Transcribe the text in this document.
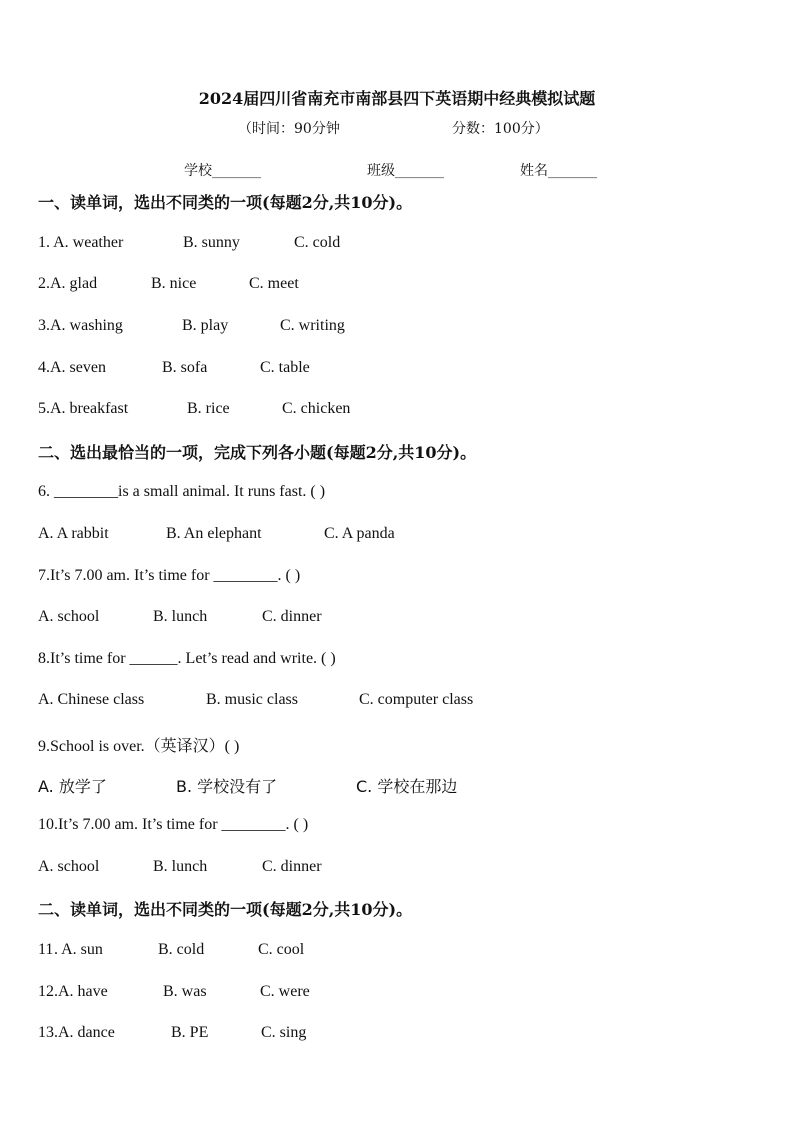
2024届四川省南充市南部县四下英语期中经典模拟试题
（时间：90分钟	分数：100分）
学校_______	班级_______	姓名_______
一、读单词，选出不同类的一项(每题2分,共10分)。
1 . A. weather	B. sunny	C. cold
2 .A. glad	B. nice	C. meet
3 .A. washing	B. play	C. writing
4 .A. seven	B. sofa	C. table
5 .A. breakfast	B. rice	C. chicken
二、选出最恰当的一项，完成下列各小题(每题2分,共10分)。
6. ________is a small animal. It runs fast. ( )
A. A rabbit	B. An elephant	C. A panda
7.It’s 7.00 am. It’s time for ________. ( )
A. school	B. lunch	C. dinner
8.It’s time for ______. Let’s read and write. ( )
A. Chinese class	B. music class	C. computer class
9.School is over.（英译汉）( )
A. 放学了	B. 学校没有了	C. 学校在那边
10.It’s 7.00 am. It’s time for ________. ( )
A. school	B. lunch	C. dinner
二、读单词，选出不同类的一项(每题2分,共10分)。
11 . A. sun	B. cold	C. cool
12 .A. have	B. was	C. were
13 .A. dance	B. PE	C. sing
